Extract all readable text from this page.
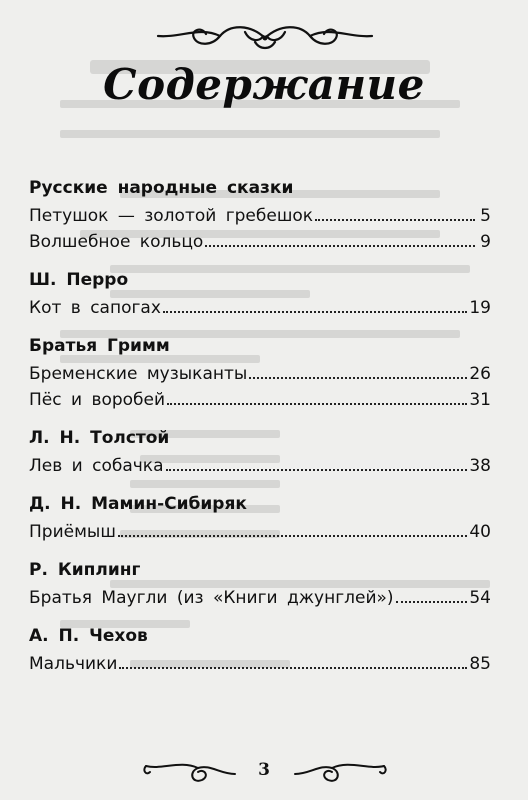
Содержание
Русские народные сказки
Петушок — золотой гребешок	5
Волшебное кольцо	9
Ш. Перро
Кот в сапогах	19
Братья Гримм
Бременские музыканты	26
Пёс и воробей	31
Л. Н. Толстой
Лев и собачка	38
Д. Н. Мамин-Сибиряк
Приёмыш	40
Р. Киплинг
Братья Маугли (из «Книги джунглей»)	54
А. П. Чехов
Мальчики	85
3
